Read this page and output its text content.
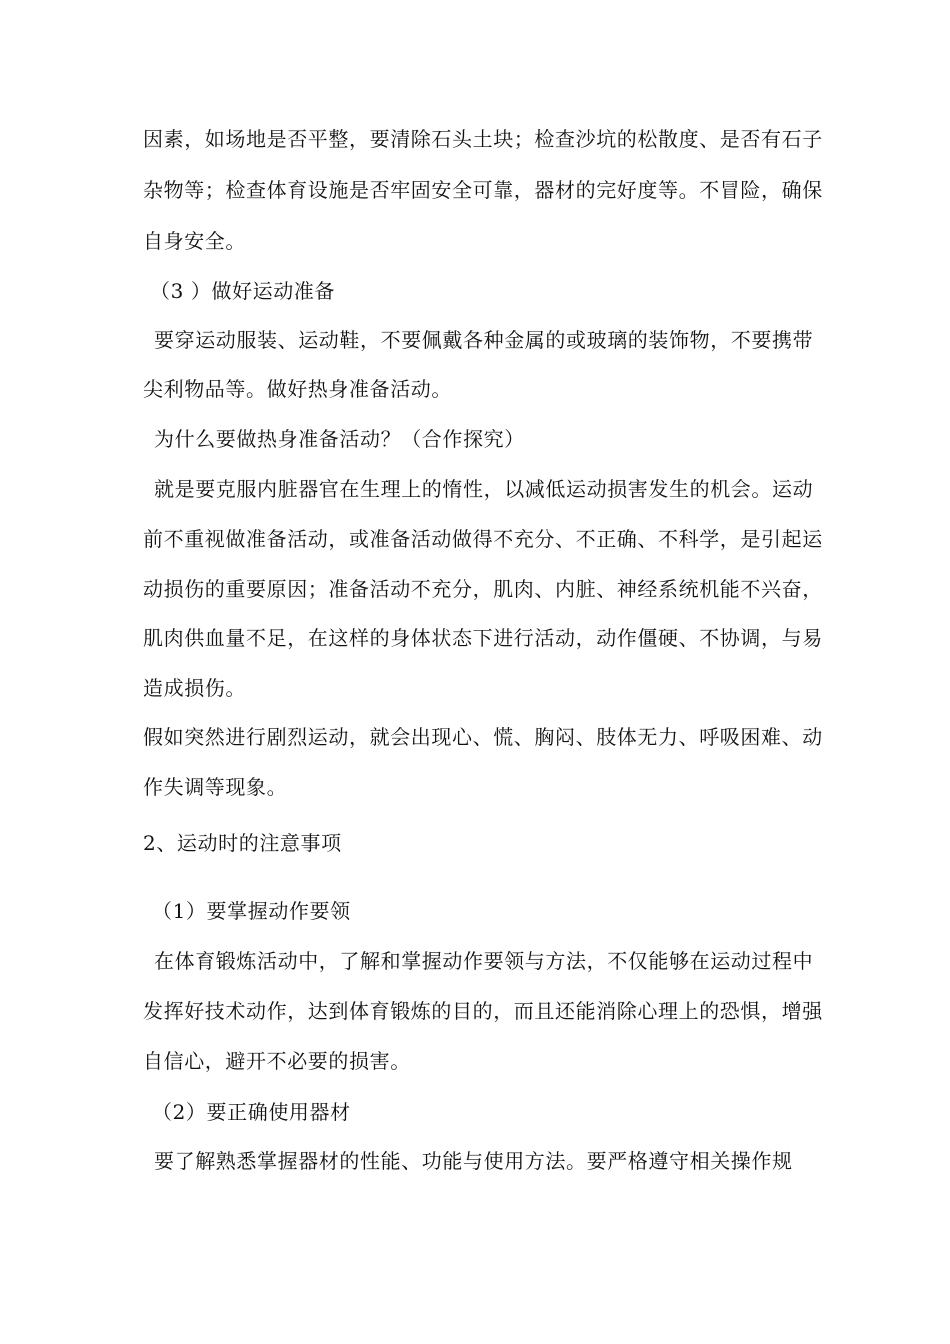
因素，如场地是否平整，要清除石头土块；检查沙坑的松散度、是否有石子
杂物等；检查体育设施是否牢固安全可靠，器材的完好度等。不冒险，确保
自身安全。
（3 ）做好运动准备
要穿运动服装、运动鞋，不要佩戴各种金属的或玻璃的装饰物，不要携带
尖利物品等。做好热身准备活动。
为什么要做热身准备活动？（合作探究）
就是要克服内脏器官在生理上的惰性，以减低运动损害发生的机会。运动
前不重视做准备活动，或准备活动做得不充分、不正确、不科学，是引起运
动损伤的重要原因；准备活动不充分，肌肉、内脏、神经系统机能不兴奋，
肌肉供血量不足，在这样的身体状态下进行活动，动作僵硬、不协调，与易
造成损伤。
假如突然进行剧烈运动，就会出现心、慌、胸闷、肢体无力、呼吸困难、动
作失调等现象。
2、运动时的注意事项
（1）要掌握动作要领
在体育锻炼活动中，了解和掌握动作要领与方法，不仅能够在运动过程中
发挥好技术动作，达到体育锻炼的目的，而且还能消除心理上的恐惧，增强
自信心，避开不必要的损害。
（2）要正确使用器材
要了解熟悉掌握器材的性能、功能与使用方法。要严格遵守相关操作规
